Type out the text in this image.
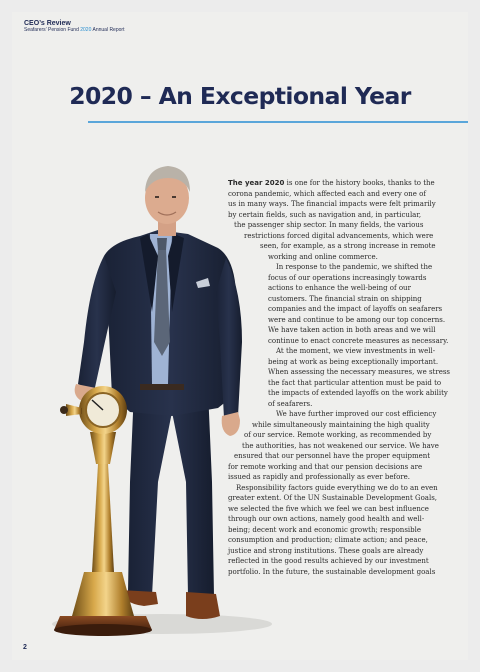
CEO’s Review
Seafarers’ Pension Fund 2020 Annual Report
2020 – An Exceptional Year
The year 2020 is one for the history books, thanks to the
corona pandemic, which affected each and every one of
us in many ways. The financial impacts were felt primarily
by certain fields, such as navigation and, in particular,
the passenger ship sector. In many fields, the various
restrictions forced digital advancements, which were
seen, for example, as a strong increase in remote
working and online commerce.
In response to the pandemic, we shifted the
focus of our operations increasingly towards
actions to enhance the well-being of our
customers. The financial strain on shipping
companies and the impact of layoffs on seafarers
were and continue to be among our top concerns.
We have taken action in both areas and we will
continue to enact concrete measures as necessary.
At the moment, we view investments in well-
being at work as being exceptionally important.
When assessing the necessary measures, we stress
the fact that particular attention must be paid to
the impacts of extended layoffs on the work ability
of seafarers.
We have further improved our cost efficiency
while simultaneously maintaining the high quality
of our service. Remote working, as recommended by
the authorities, has not weakened our service. We have
ensured that our personnel have the proper equipment
for remote working and that our pension decisions are
issued as rapidly and professionally as ever before.
Responsibility factors guide everything we do to an even
greater extent. Of the UN Sustainable Development Goals,
we selected the five which we feel we can best influence
through our own actions, namely good health and well-
being; decent work and economic growth; responsible
consumption and production; climate action; and peace,
justice and strong institutions. These goals are already
reflected in the good results achieved by our investment
portfolio. In the future, the sustainable development goals
2
